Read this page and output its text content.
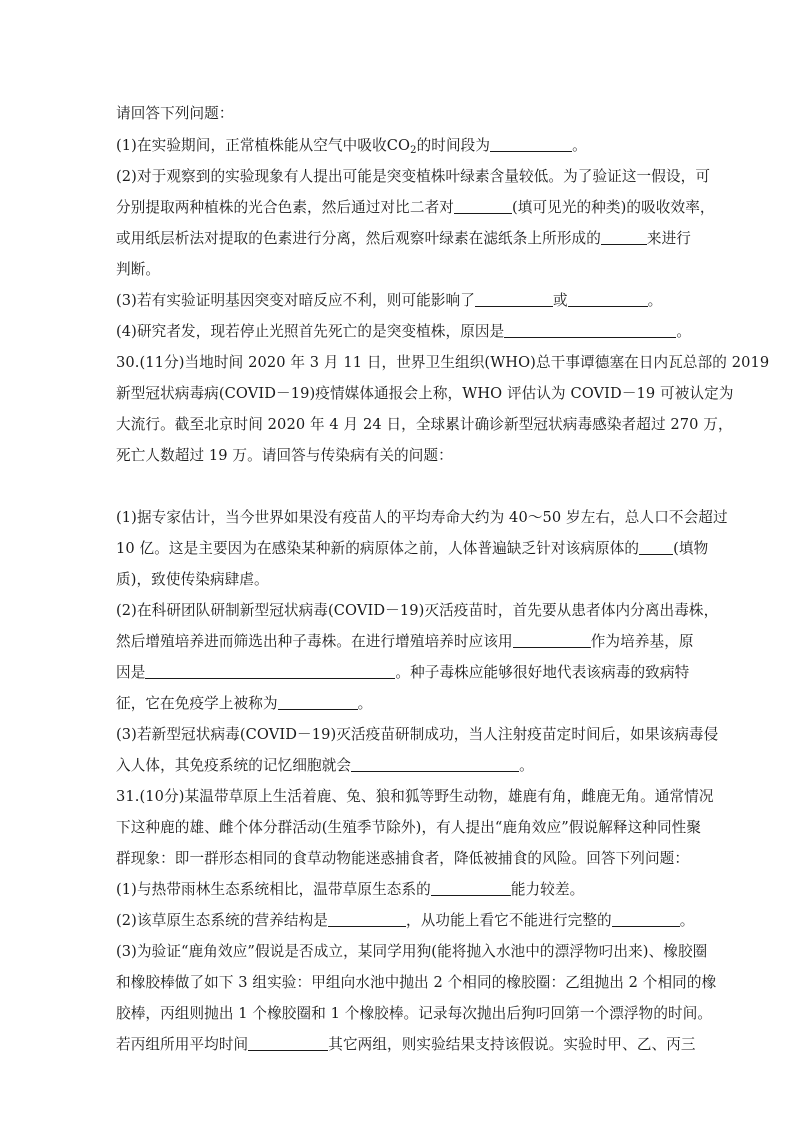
请回答下列问题：
(1)在实验期间，正常植株能从空气中吸收$CO_2$的时间段为	。
(2)对于观察到的实验现象有人提出可能是突变植株叶绿素含量较低。为了验证这一假设，可
分别提取两种植株的光合色素，然后通过对比二者对	(填可见光的种类)的吸收效率，
或用纸层析法对提取的色素进行分离，然后观察叶绿素在滤纸条上所形成的	来进行
判断。
(3)若有实验证明基因突变对暗反应不利，则可能影响了	或	。
(4)研究者发，现若停止光照首先死亡的是突变植株，原因是	。
30.(11分)当地时间 2020 年 3 月 11 日，世界卫生组织(WHO)总干事谭德塞在日内瓦总部的 2019
新型冠状病毒病(COVID－19)疫情媒体通报会上称，WHO 评估认为 COVID－19 可被认定为
大流行。截至北京时间 2020 年 4 月 24 日，全球累计确诊新型冠状病毒感染者超过 270 万，
死亡人数超过 19 万。请回答与传染病有关的问题：
(1)据专家估计，当今世界如果没有疫苗人的平均寿命大约为 40～50 岁左右，总人口不会超过
10 亿。这是主要因为在感染某种新的病原体之前，人体普遍缺乏针对该病原体的 (填物
质)，致使传染病肆虐。
(2)在科研团队研制新型冠状病毒(COVID－19)灭活疫苗时，首先要从患者体内分离出毒株，
然后增殖培养进而筛选出种子毒株。在进行增殖培养时应该用	作为培养基，原
因是	。种子毒株应能够很好地代表该病毒的致病特
征，它在免疫学上被称为	。
(3)若新型冠状病毒(COVID－19)灭活疫苗研制成功，当人注射疫苗定时间后，如果该病毒侵
入人体，其免疫系统的记忆细胞就会	。
31.(10分)某温带草原上生活着鹿、兔、狼和狐等野生动物，雄鹿有角，雌鹿无角。通常情况
下这种鹿的雄、雌个体分群活动(生殖季节除外)，有人提出“鹿角效应”假说解释这种同性聚
群现象：即一群形态相同的食草动物能迷惑捕食者，降低被捕食的风险。回答下列问题：
(1)与热带雨林生态系统相比，温带草原生态系的	能力较差。
(2)该草原生态系统的营养结构是	，从功能上看它不能进行完整的	。
(3)为验证“鹿角效应”假说是否成立，某同学用狗(能将抛入水池中的漂浮物叼出来)、橡胶圈
和橡胶棒做了如下 3 组实验：甲组向水池中抛出 2 个相同的橡胶圈：乙组抛出 2 个相同的橡
胶棒，丙组则抛出 1 个橡胶圈和 1 个橡胶棒。记录每次抛出后狗叼回第一个漂浮物的时间。
若丙组所用平均时间	其它两组，则实验结果支持该假说。实验时甲、乙、丙三
